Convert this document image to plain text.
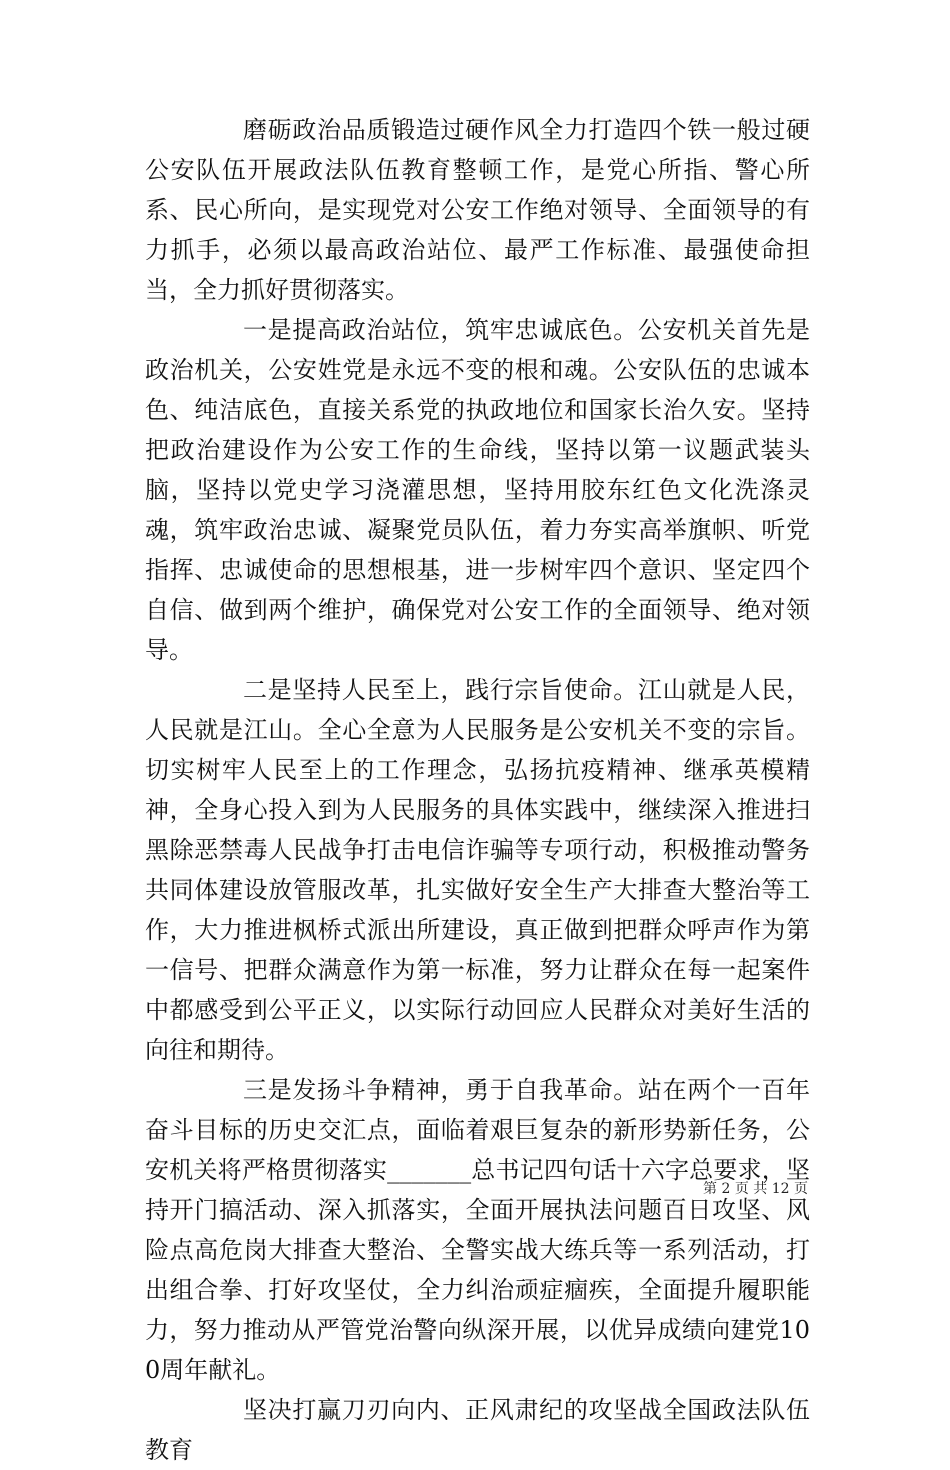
磨砺政治品质锻造过硬作风全力打造四个铁一般过硬公安队伍开展政法队伍教育整顿工作，是党心所指、警心所系、民心所向，是实现党对公安工作绝对领导、全面领导的有力抓手，必须以最高政治站位、最严工作标准、最强使命担当，全力抓好贯彻落实。

一是提高政治站位，筑牢忠诚底色。公安机关首先是政治机关，公安姓党是永远不变的根和魂。公安队伍的忠诚本色、纯洁底色，直接关系党的执政地位和国家长治久安。坚持把政治建设作为公安工作的生命线，坚持以第一议题武装头脑，坚持以党史学习浇灌思想，坚持用胶东红色文化洗涤灵魂，筑牢政治忠诚、凝聚党员队伍，着力夯实高举旗帜、听党指挥、忠诚使命的思想根基，进一步树牢四个意识、坚定四个自信、做到两个维护，确保党对公安工作的全面领导、绝对领导。

二是坚持人民至上，践行宗旨使命。江山就是人民，人民就是江山。全心全意为人民服务是公安机关不变的宗旨。切实树牢人民至上的工作理念，弘扬抗疫精神、继承英模精神，全身心投入到为人民服务的具体实践中，继续深入推进扫黑除恶禁毒人民战争打击电信诈骗等专项行动，积极推动警务共同体建设放管服改革，扎实做好安全生产大排查大整治等工作，大力推进枫桥式派出所建设，真正做到把群众呼声作为第一信号、把群众满意作为第一标准，努力让群众在每一起案件中都感受到公平正义，以实际行动回应人民群众对美好生活的向往和期待。

三是发扬斗争精神，勇于自我革命。站在两个一百年奋斗目标的历史交汇点，面临着艰巨复杂的新形势新任务，公安机关将严格贯彻落实_______总书记四句话十六字总要求，坚持开门搞活动、深入抓落实，全面开展执法问题百日攻坚、风险点高危岗大排查大整治、全警实战大练兵等一系列活动，打出组合拳、打好攻坚仗，全力纠治顽症痼疾，全面提升履职能力，努力推动从严管党治警向纵深开展，以优异成绩向建党100周年献礼。

坚决打赢刀刃向内、正风肃纪的攻坚战全国政法队伍教育

第 2 页 共 12 页
